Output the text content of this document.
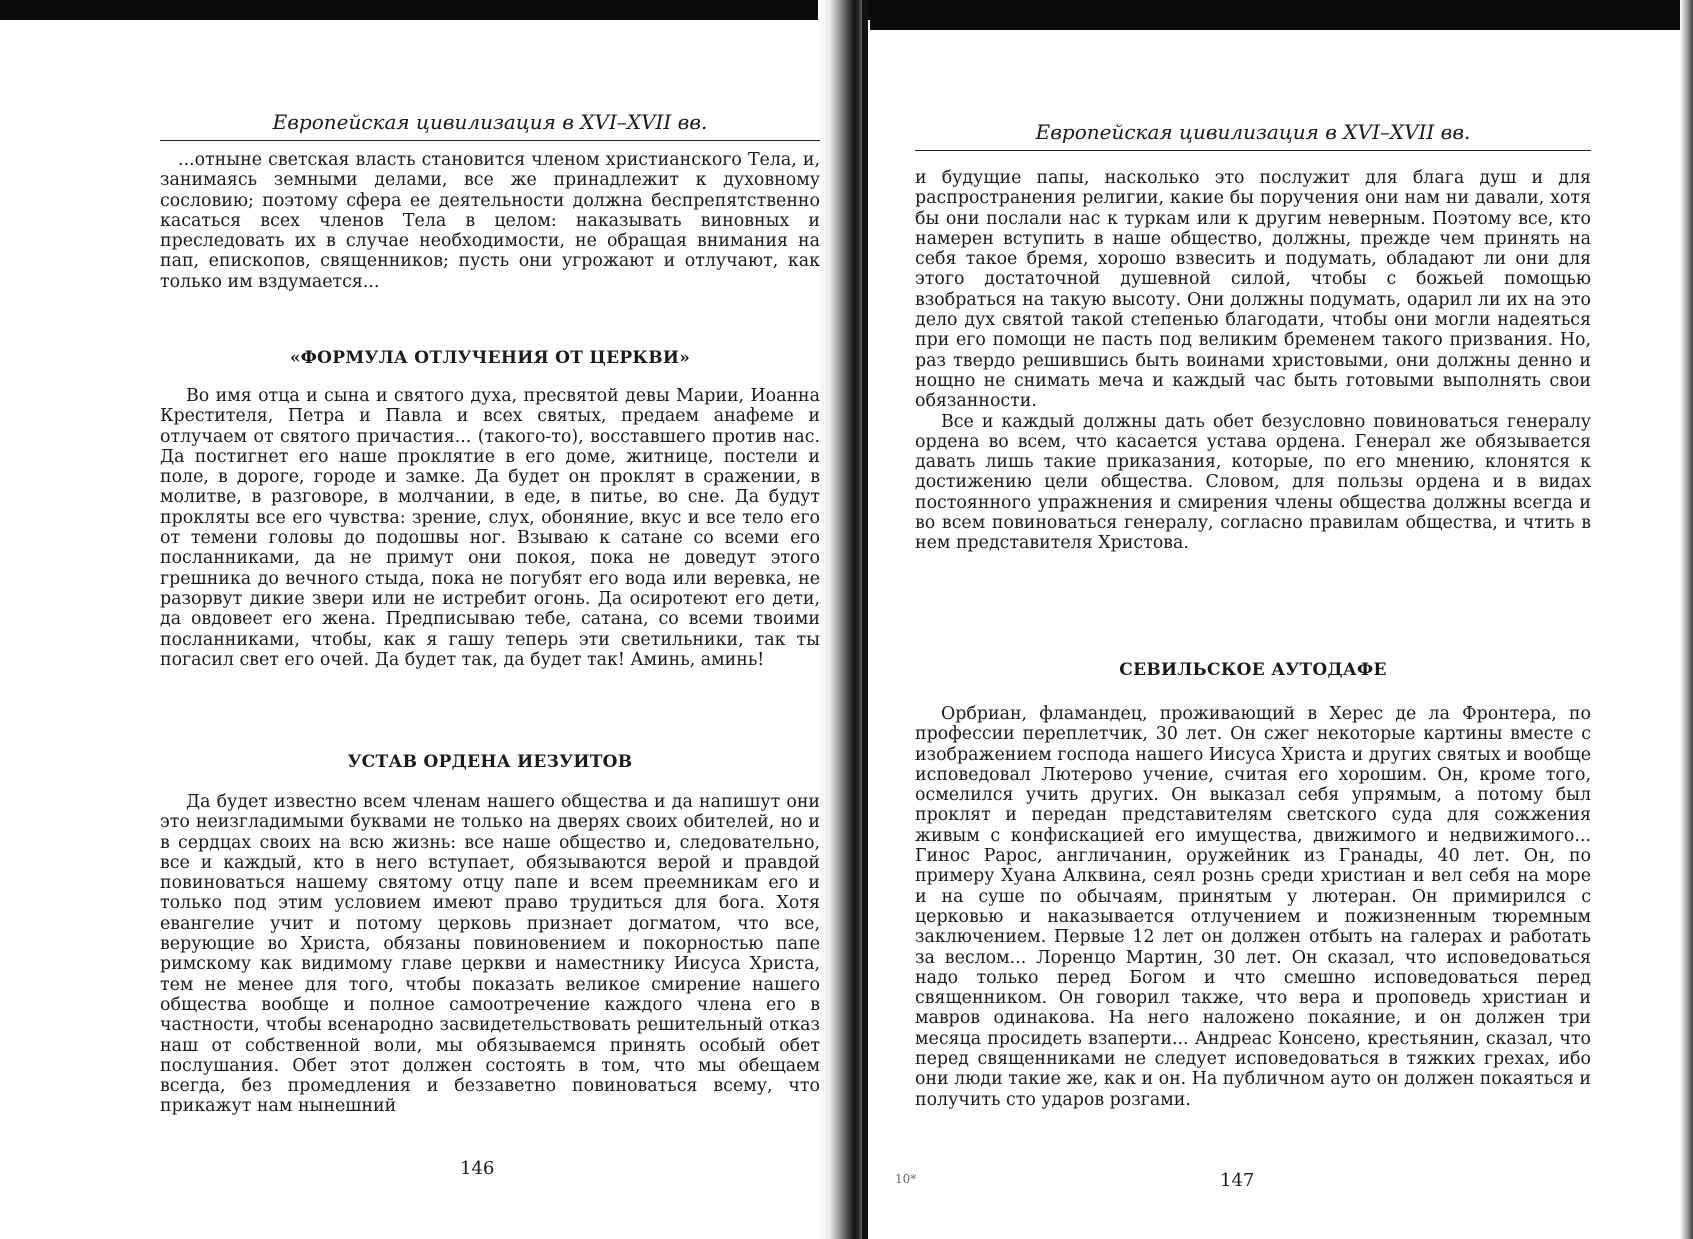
Европейская цивилизация в XVI–XVII вв.

...отныне светская власть становится членом христианского Тела, и, занимаясь земными делами, все же принадлежит к духовному сословию; поэтому сфера ее деятельности должна беспрепятственно касаться всех членов Тела в целом: наказывать виновных и преследовать их в случае необходимости, не обращая внимания на пап, епископов, священников; пусть они угрожают и отлучают, как только им вздумается...

«ФОРМУЛА ОТЛУЧЕНИЯ ОТ ЦЕРКВИ»

Во имя отца и сына и святого духа, пресвятой девы Марии, Иоанна Крестителя, Петра и Павла и всех святых, предаем анафеме и отлучаем от святого причастия... (такого-то), восставшего против нас. Да постигнет его наше проклятие в его доме, житнице, постели и поле, в дороге, городе и замке. Да будет он проклят в сражении, в молитве, в разговоре, в молчании, в еде, в питье, во сне. Да будут прокляты все его чувства: зрение, слух, обоняние, вкус и все тело его от темени головы до подошвы ног. Взываю к сатане со всеми его посланниками, да не примут они покоя, пока не доведут этого грешника до вечного стыда, пока не погубят его вода или веревка, не разорвут дикие звери или не истребит огонь. Да осиротеют его дети, да овдовеет его жена. Предписываю тебе, сатана, со всеми твоими посланниками, чтобы, как я гашу теперь эти светильники, так ты погасил свет его очей. Да будет так, да будет так! Аминь, аминь!

УСТАВ ОРДЕНА ИЕЗУИТОВ

Да будет известно всем членам нашего общества и да напишут они это неизгладимыми буквами не только на дверях своих обителей, но и в сердцах своих на всю жизнь: все наше общество и, следовательно, все и каждый, кто в него вступает, обязываются верой и правдой повиноваться нашему святому отцу папе и всем преемникам его и только под этим условием имеют право трудиться для бога. Хотя евангелие учит и потому церковь признает догматом, что все, верующие во Христа, обязаны повиновением и покорностью папе римскому как видимому главе церкви и наместнику Иисуса Христа, тем не менее для того, чтобы показать великое смирение нашего общества вообще и полное самоотречение каждого члена его в частности, чтобы всенародно засвидетельствовать решительный отказ наш от собственной воли, мы обязываемся принять особый обет послушания. Обет этот должен состоять в том, что мы обещаем всегда, без промедления и беззаветно повиноваться всему, что прикажут нам нынешний

146
Европейская цивилизация в XVI–XVII вв.

и будущие папы, насколько это послужит для блага душ и для распространения религии, какие бы поручения они нам ни давали, хотя бы они послали нас к туркам или к другим неверным. Поэтому все, кто намерен вступить в наше общество, должны, прежде чем принять на себя такое бремя, хорошо взвесить и подумать, обладают ли они для этого достаточной душевной силой, чтобы с божьей помощью взобраться на такую высоту. Они должны подумать, одарил ли их на это дело дух святой такой степенью благодати, чтобы они могли надеяться при его помощи не пасть под великим бременем такого призвания. Но, раз твердо решившись быть воинами христовыми, они должны денно и нощно не снимать меча и каждый час быть готовыми выполнять свои обязанности.

Все и каждый должны дать обет безусловно повиноваться генералу ордена во всем, что касается устава ордена. Генерал же обязывается давать лишь такие приказания, которые, по его мнению, клонятся к достижению цели общества. Словом, для пользы ордена и в видах постоянного упражнения и смирения члены общества должны всегда и во всем повиноваться генералу, согласно правилам общества, и чтить в нем представителя Христова.

СЕВИЛЬСКОЕ АУТОДАФЕ

Орбриан, фламандец, проживающий в Херес де ла Фронтера, по профессии переплетчик, 30 лет. Он сжег некоторые картины вместе с изображением господа нашего Иисуса Христа и других святых и вообще исповедовал Лютерово учение, считая его хорошим. Он, кроме того, осмелился учить других. Он выказал себя упрямым, а потому был проклят и передан представителям светского суда для сожжения живым с конфискацией его имущества, движимого и недвижимого... Гинос Рарос, англичанин, оружейник из Гранады, 40 лет. Он, по примеру Хуана Алквина, сеял рознь среди христиан и вел себя на море и на суше по обычаям, принятым у лютеран. Он примирился с церковью и наказывается отлучением и пожизненным тюремным заключением. Первые 12 лет он должен отбыть на галерах и работать за веслом... Лоренцо Мартин, 30 лет. Он сказал, что исповедоваться надо только перед Богом и что смешно исповедоваться перед священником. Он говорил также, что вера и проповедь христиан и мавров одинакова. На него наложено покаяние, и он должен три месяца просидеть взаперти... Андреас Консено, крестьянин, сказал, что перед священниками не следует исповедоваться в тяжких грехах, ибо они люди такие же, как и он. На публичном ауто он должен покаяться и получить сто ударов розгами.

10*	147
